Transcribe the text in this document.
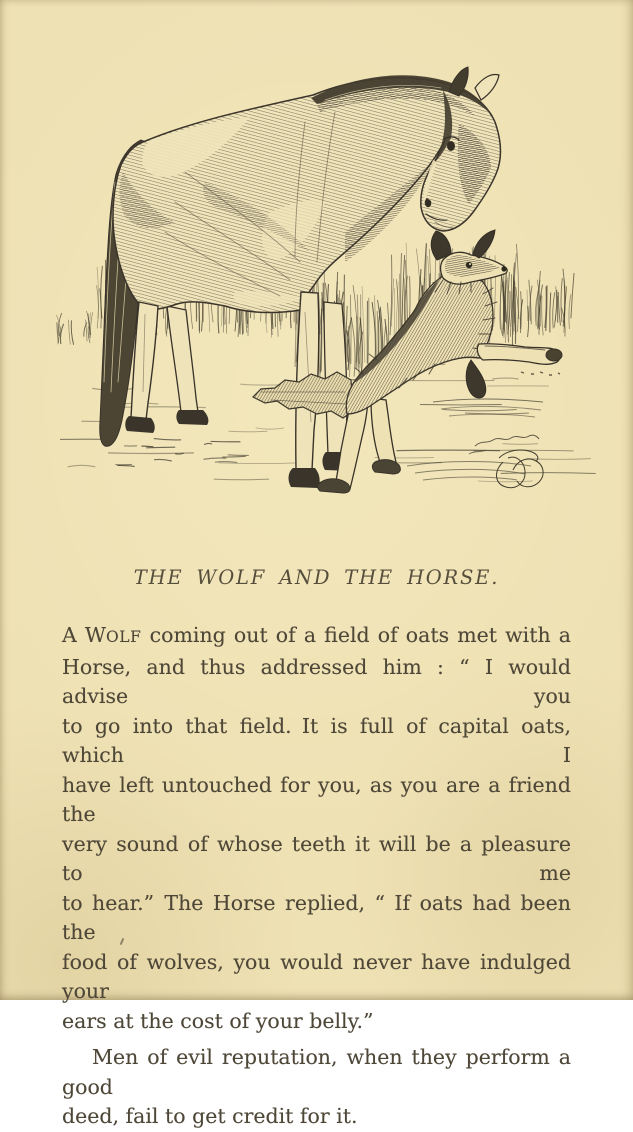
THE WOLF AND THE HORSE.
A WOLF coming out of a field of oats met with a
Horse, and thus addressed him : “ I would advise you
to go into that field. It is full of capital oats, which I
have left untouched for you, as you are a friend the
very sound of whose teeth it will be a pleasure to me
to hear.” The Horse replied, “ If oats had been the
food of wolves, you would never have indulged your
ears at the cost of your belly.”
Men of evil reputation, when they perform a good
deed, fail to get credit for it.
